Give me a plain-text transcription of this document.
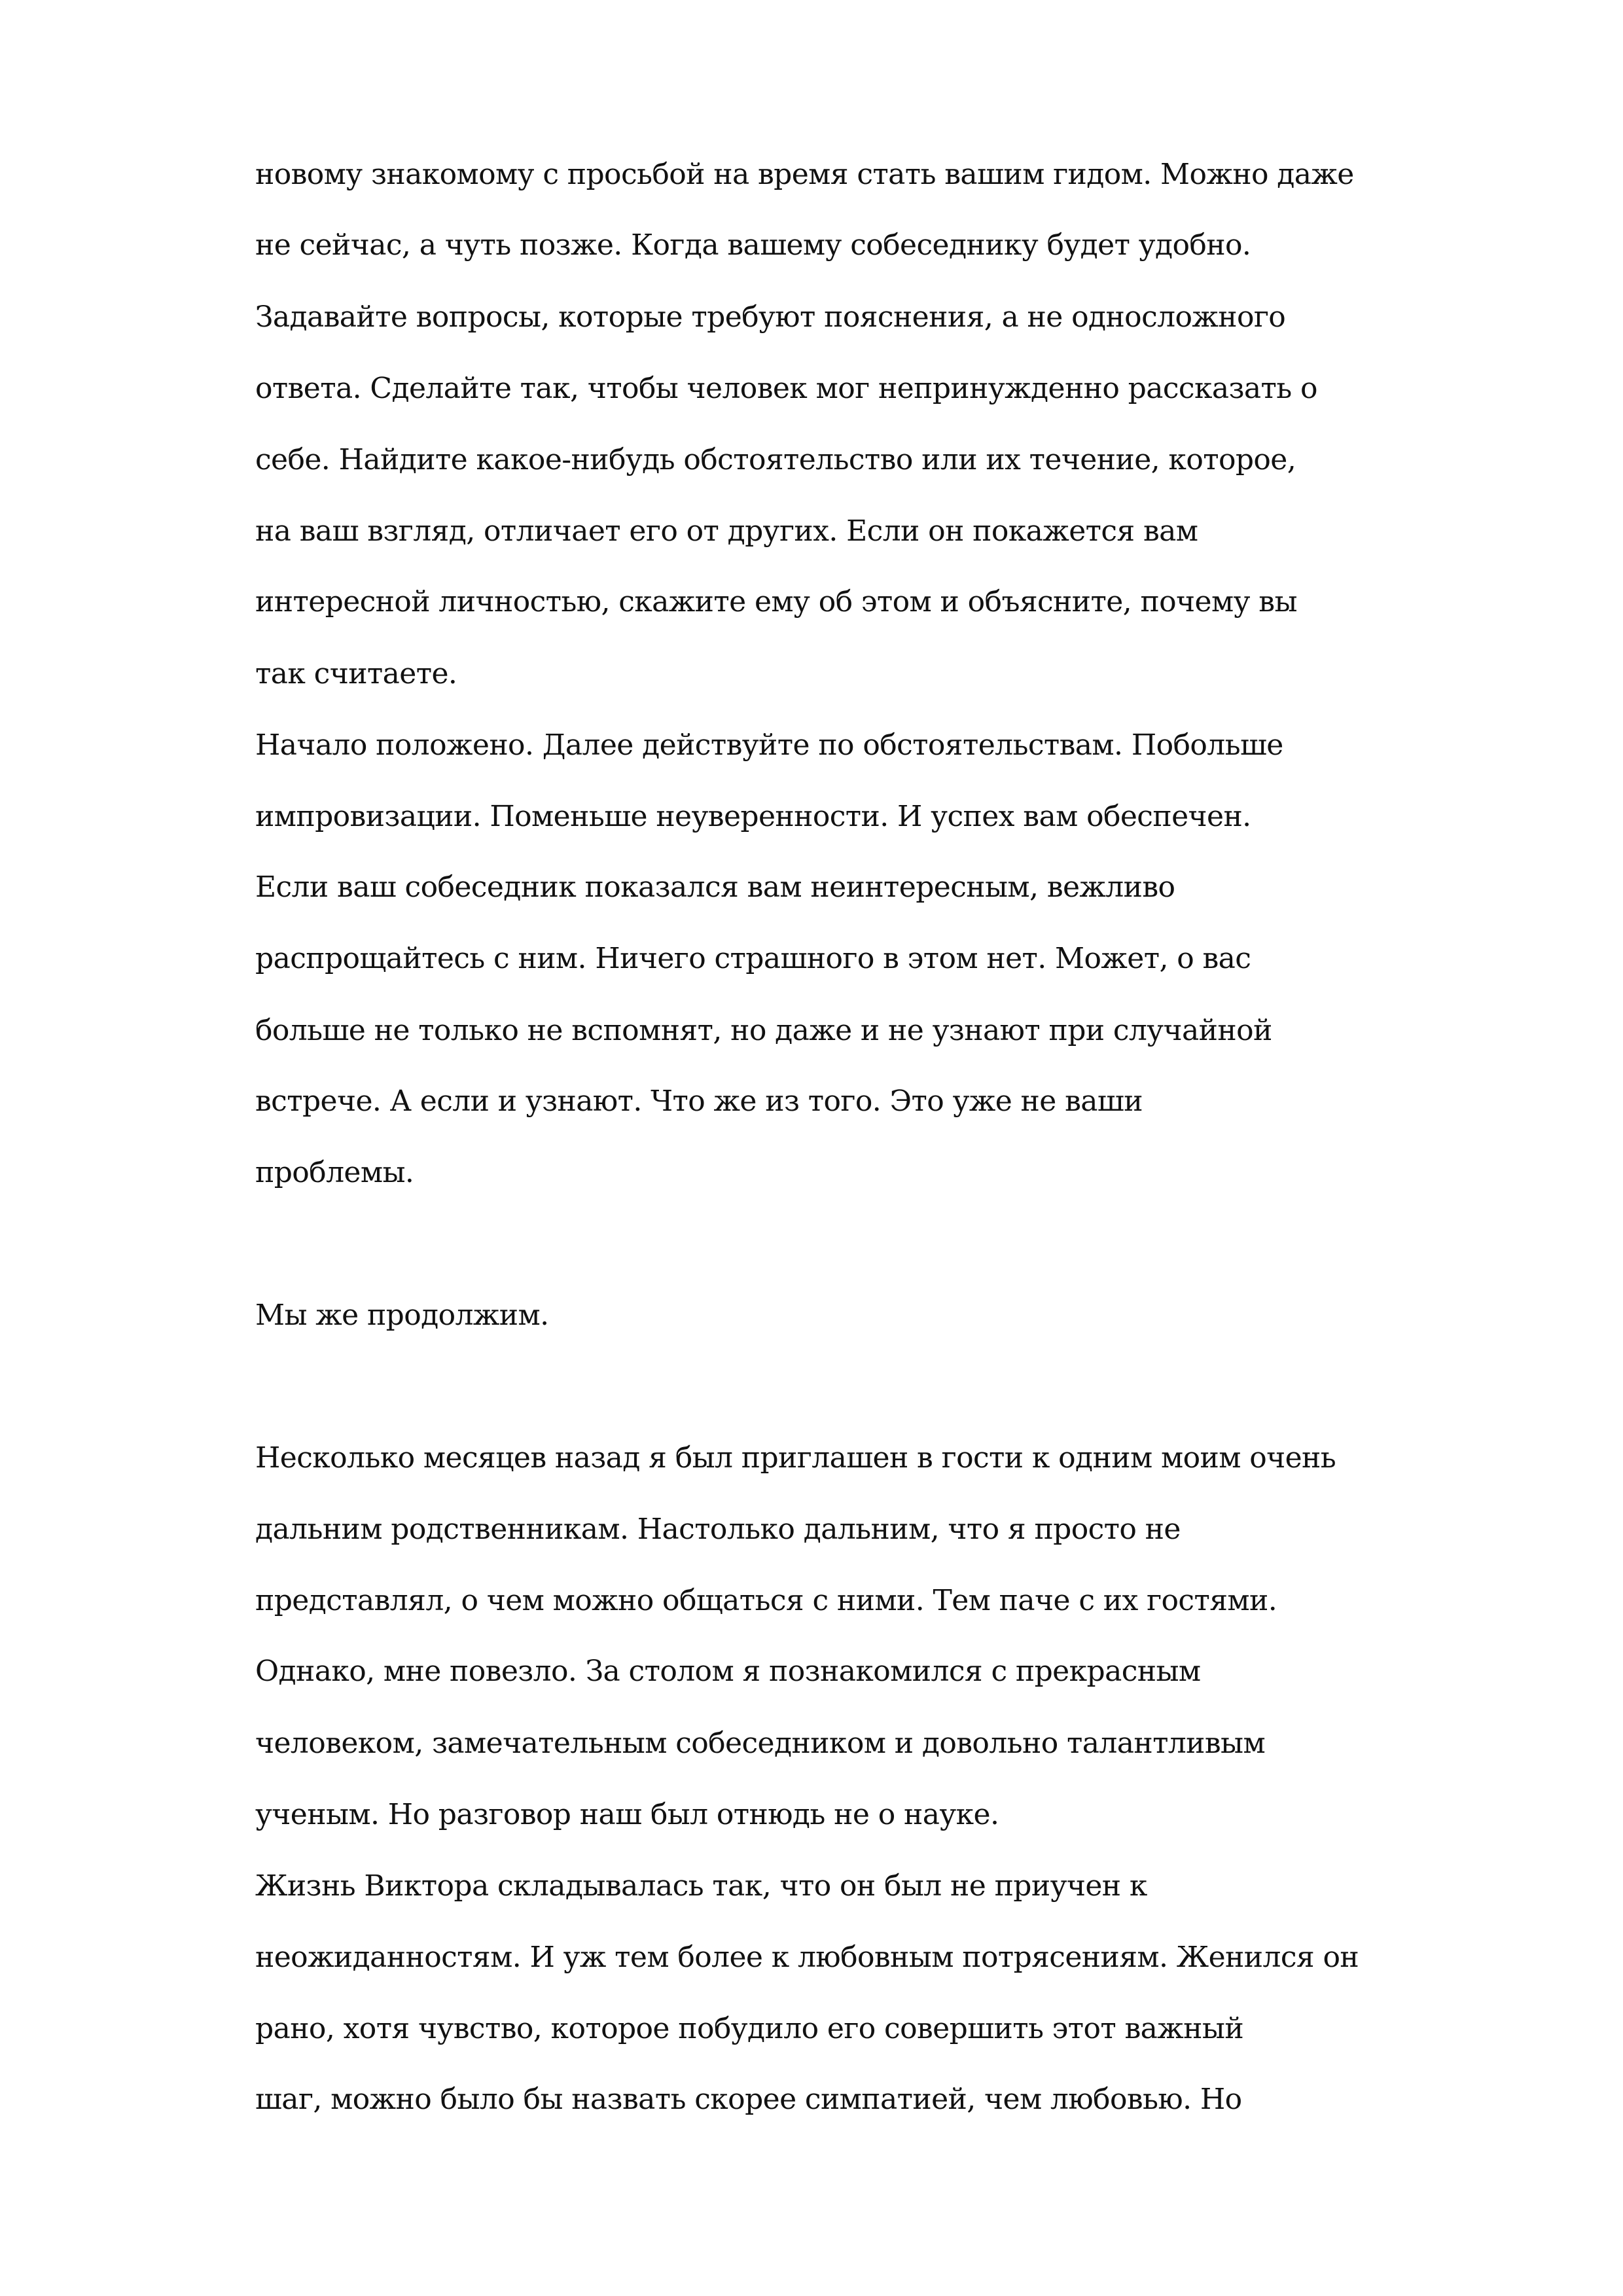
новому знакомому с просьбой на время стать вашим гидом. Можно даже

не сейчас, а чуть позже. Когда вашему собеседнику будет удобно.

Задавайте вопросы, которые требуют пояснения, а не односложного

ответа. Сделайте так, чтобы человек мог непринужденно рассказать о

себе. Найдите какое-нибудь обстоятельство или их течение, которое,

на ваш взгляд, отличает его от других. Если он покажется вам

интересной личностью, скажите ему об этом и объясните, почему вы

так считаете.

Начало положено. Далее действуйте по обстоятельствам. Побольше

импровизации. Поменьше неуверенности. И успех вам обеспечен.

Если ваш собеседник показался вам неинтересным, вежливо

распрощайтесь с ним. Ничего страшного в этом нет. Может, о вас

больше не только не вспомнят, но даже и не узнают при случайной

встрече. А если и узнают. Что же из того. Это уже не ваши

проблемы.

Мы же продолжим.

Несколько месяцев назад я был приглашен в гости к одним моим очень

дальним родственникам. Настолько дальним, что я просто не

представлял, о чем можно общаться с ними. Тем паче с их гостями.

Однако, мне повезло. За столом я познакомился с прекрасным

человеком, замечательным собеседником и довольно талантливым

ученым. Но разговор наш был отнюдь не о науке.

Жизнь Виктора складывалась так, что он был не приучен к

неожиданностям. И уж тем более к любовным потрясениям. Женился он

рано, хотя чувство, которое побудило его совершить этот важный

шаг, можно было бы назвать скорее симпатией, чем любовью. Но
